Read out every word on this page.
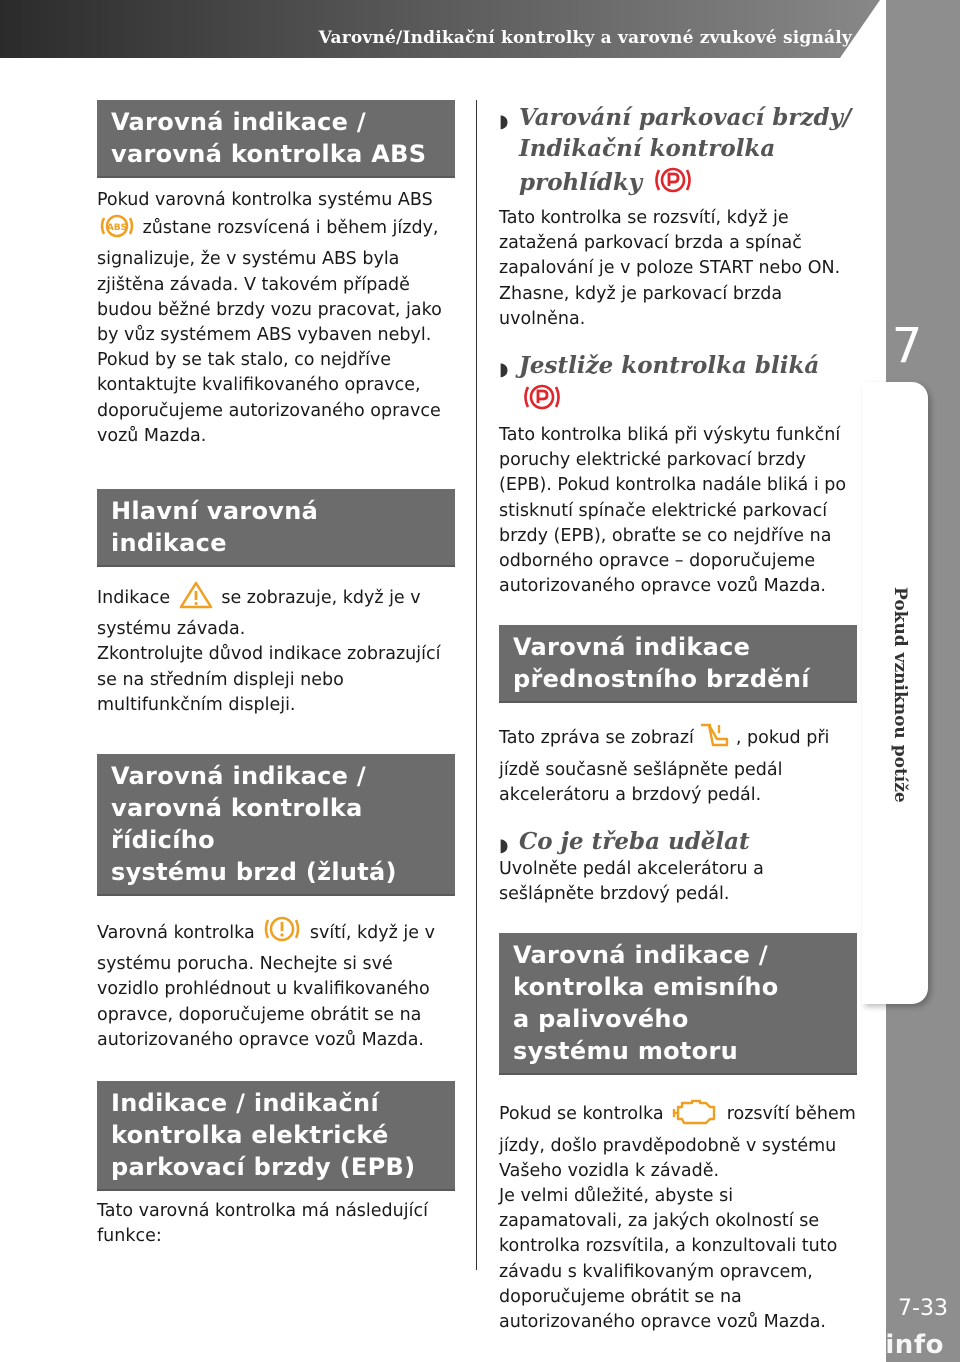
Varovné/Indikační kontrolky a varovné zvukové signály
7
Pokud vzniknou potíže
7-33
carmanualsonline.info
Varovná indikace /
varovná kontrolka ABS

Pokud varovná kontrolka systému ABS

ABS zůstane rozsvícená i během jízdy, signalizuje, že v systému ABS byla zjištěna závada. V takovém případě budou běžné brzdy vozu pracovat, jako by vůz systémem ABS vybaven nebyl.
Pokud by se tak stalo, co nejdříve kontaktujte kvalifikovaného opravce, doporučujeme autorizovaného opravce vozů Mazda.

Hlavní varovná indikace

Indikace	se zobrazuje, když je v systému závada.
Zkontrolujte důvod indikace zobrazující se na středním displeji nebo multifunkčním displeji.

Varovná indikace /
varovná kontrolka řídicího
systému brzd (žlutá)

Varovná kontrolka	svítí, když je v systému porucha. Nechejte si své vozidlo prohlédnout u kvalifikovaného opravce, doporučujeme obrátit se na autorizovaného opravce vozů Mazda.

Indikace / indikační
kontrolka elektrické
parkovací brzdy (EPB)

Tato varovná kontrolka má následující funkce:

◗ Varování parkovací brzdy/
Indikační kontrolka
prohlídky

Tato kontrolka se rozsvítí, když je zatažená parkovací brzda a spínač zapalování je v poloze START nebo ON. Zhasne, když je parkovací brzda uvolněna.

◗ Jestliže kontrolka bliká

Tato kontrolka bliká při výskytu funkční poruchy elektrické parkovací brzdy (EPB). Pokud kontrolka nadále bliká i po stisknutí spínače elektrické parkovací brzdy (EPB), obraťte se co nejdříve na odborného opravce – doporučujeme autorizovaného opravce vozů Mazda.

Varovná indikace
přednostního brzdění

Tato zpráva se zobrazí , pokud při jízdě současně sešlápněte pedál akcelerátoru a brzdový pedál.

◗ Co je třeba udělat

Uvolněte pedál akcelerátoru a sešlápněte brzdový pedál.

Varovná indikace /
kontrolka emisního
a palivového
systému motoru

Pokud se kontrolka	rozsvítí během jízdy, došlo pravděpodobně v systému Vašeho vozidla k závadě.
Je velmi důležité, abyste si zapamatovali, za jakých okolností se kontrolka rozsvítila, a konzultovali tuto závadu s kvalifikovaným opravcem, doporučujeme obrátit se na autorizovaného opravce vozů Mazda.
